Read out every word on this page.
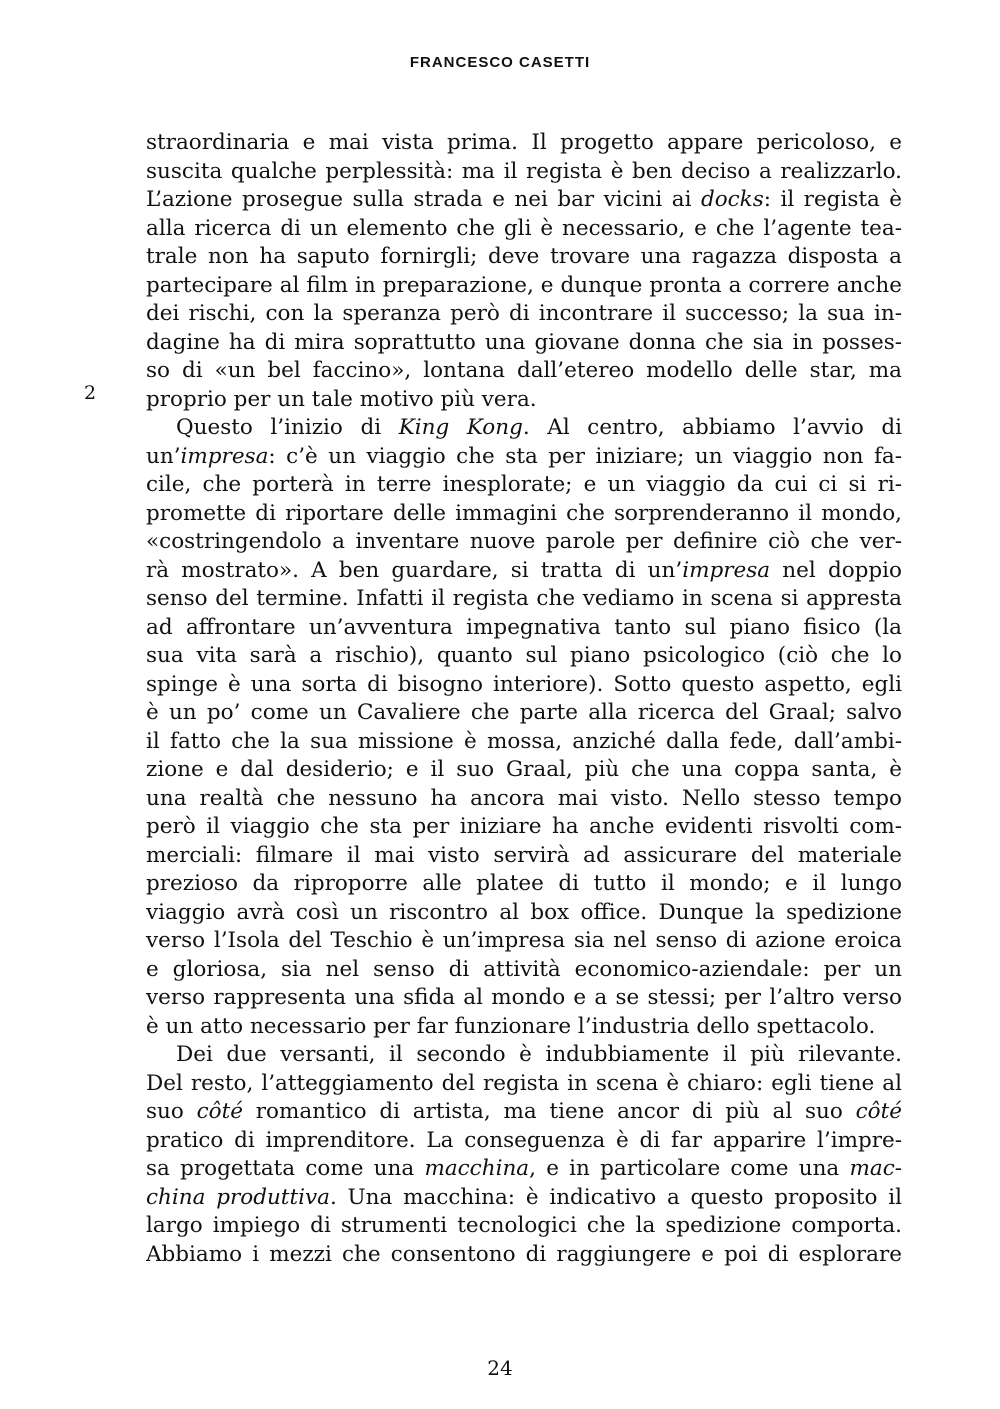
FRANCESCO CASETTI
2
straordinaria e mai vista prima. Il progetto appare pericoloso, e
suscita qualche perplessità: ma il regista è ben deciso a realizzarlo.
L’azione prosegue sulla strada e nei bar vicini ai docks: il regista è
alla ricerca di un elemento che gli è necessario, e che l’agente tea-
trale non ha saputo fornirgli; deve trovare una ragazza disposta a
partecipare al film in preparazione, e dunque pronta a correre anche
dei rischi, con la speranza però di incontrare il successo; la sua in-
dagine ha di mira soprattutto una giovane donna che sia in posses-
so di «un bel faccino», lontana dall’etereo modello delle star, ma
proprio per un tale motivo più vera.
Questo l’inizio di King Kong. Al centro, abbiamo l’avvio di
un’impresa: c’è un viaggio che sta per iniziare; un viaggio non fa-
cile, che porterà in terre inesplorate; e un viaggio da cui ci si ri-
promette di riportare delle immagini che sorprenderanno il mondo,
«costringendolo a inventare nuove parole per definire ciò che ver-
rà mostrato». A ben guardare, si tratta di un’impresa nel doppio
senso del termine. Infatti il regista che vediamo in scena si appresta
ad affrontare un’avventura impegnativa tanto sul piano fisico (la
sua vita sarà a rischio), quanto sul piano psicologico (ciò che lo
spinge è una sorta di bisogno interiore). Sotto questo aspetto, egli
è un po’ come un Cavaliere che parte alla ricerca del Graal; salvo
il fatto che la sua missione è mossa, anziché dalla fede, dall’ambi-
zione e dal desiderio; e il suo Graal, più che una coppa santa, è
una realtà che nessuno ha ancora mai visto. Nello stesso tempo
però il viaggio che sta per iniziare ha anche evidenti risvolti com-
merciali: filmare il mai visto servirà ad assicurare del materiale
prezioso da riproporre alle platee di tutto il mondo; e il lungo
viaggio avrà così un riscontro al box office. Dunque la spedizione
verso l’Isola del Teschio è un’impresa sia nel senso di azione eroica
e gloriosa, sia nel senso di attività economico-aziendale: per un
verso rappresenta una sfida al mondo e a se stessi; per l’altro verso
è un atto necessario per far funzionare l’industria dello spettacolo.
Dei due versanti, il secondo è indubbiamente il più rilevante.
Del resto, l’atteggiamento del regista in scena è chiaro: egli tiene al
suo côté romantico di artista, ma tiene ancor di più al suo côté
pratico di imprenditore. La conseguenza è di far apparire l’impre-
sa progettata come una macchina, e in particolare come una mac-
china produttiva. Una macchina: è indicativo a questo proposito il
largo impiego di strumenti tecnologici che la spedizione comporta.
Abbiamo i mezzi che consentono di raggiungere e poi di esplorare
24
